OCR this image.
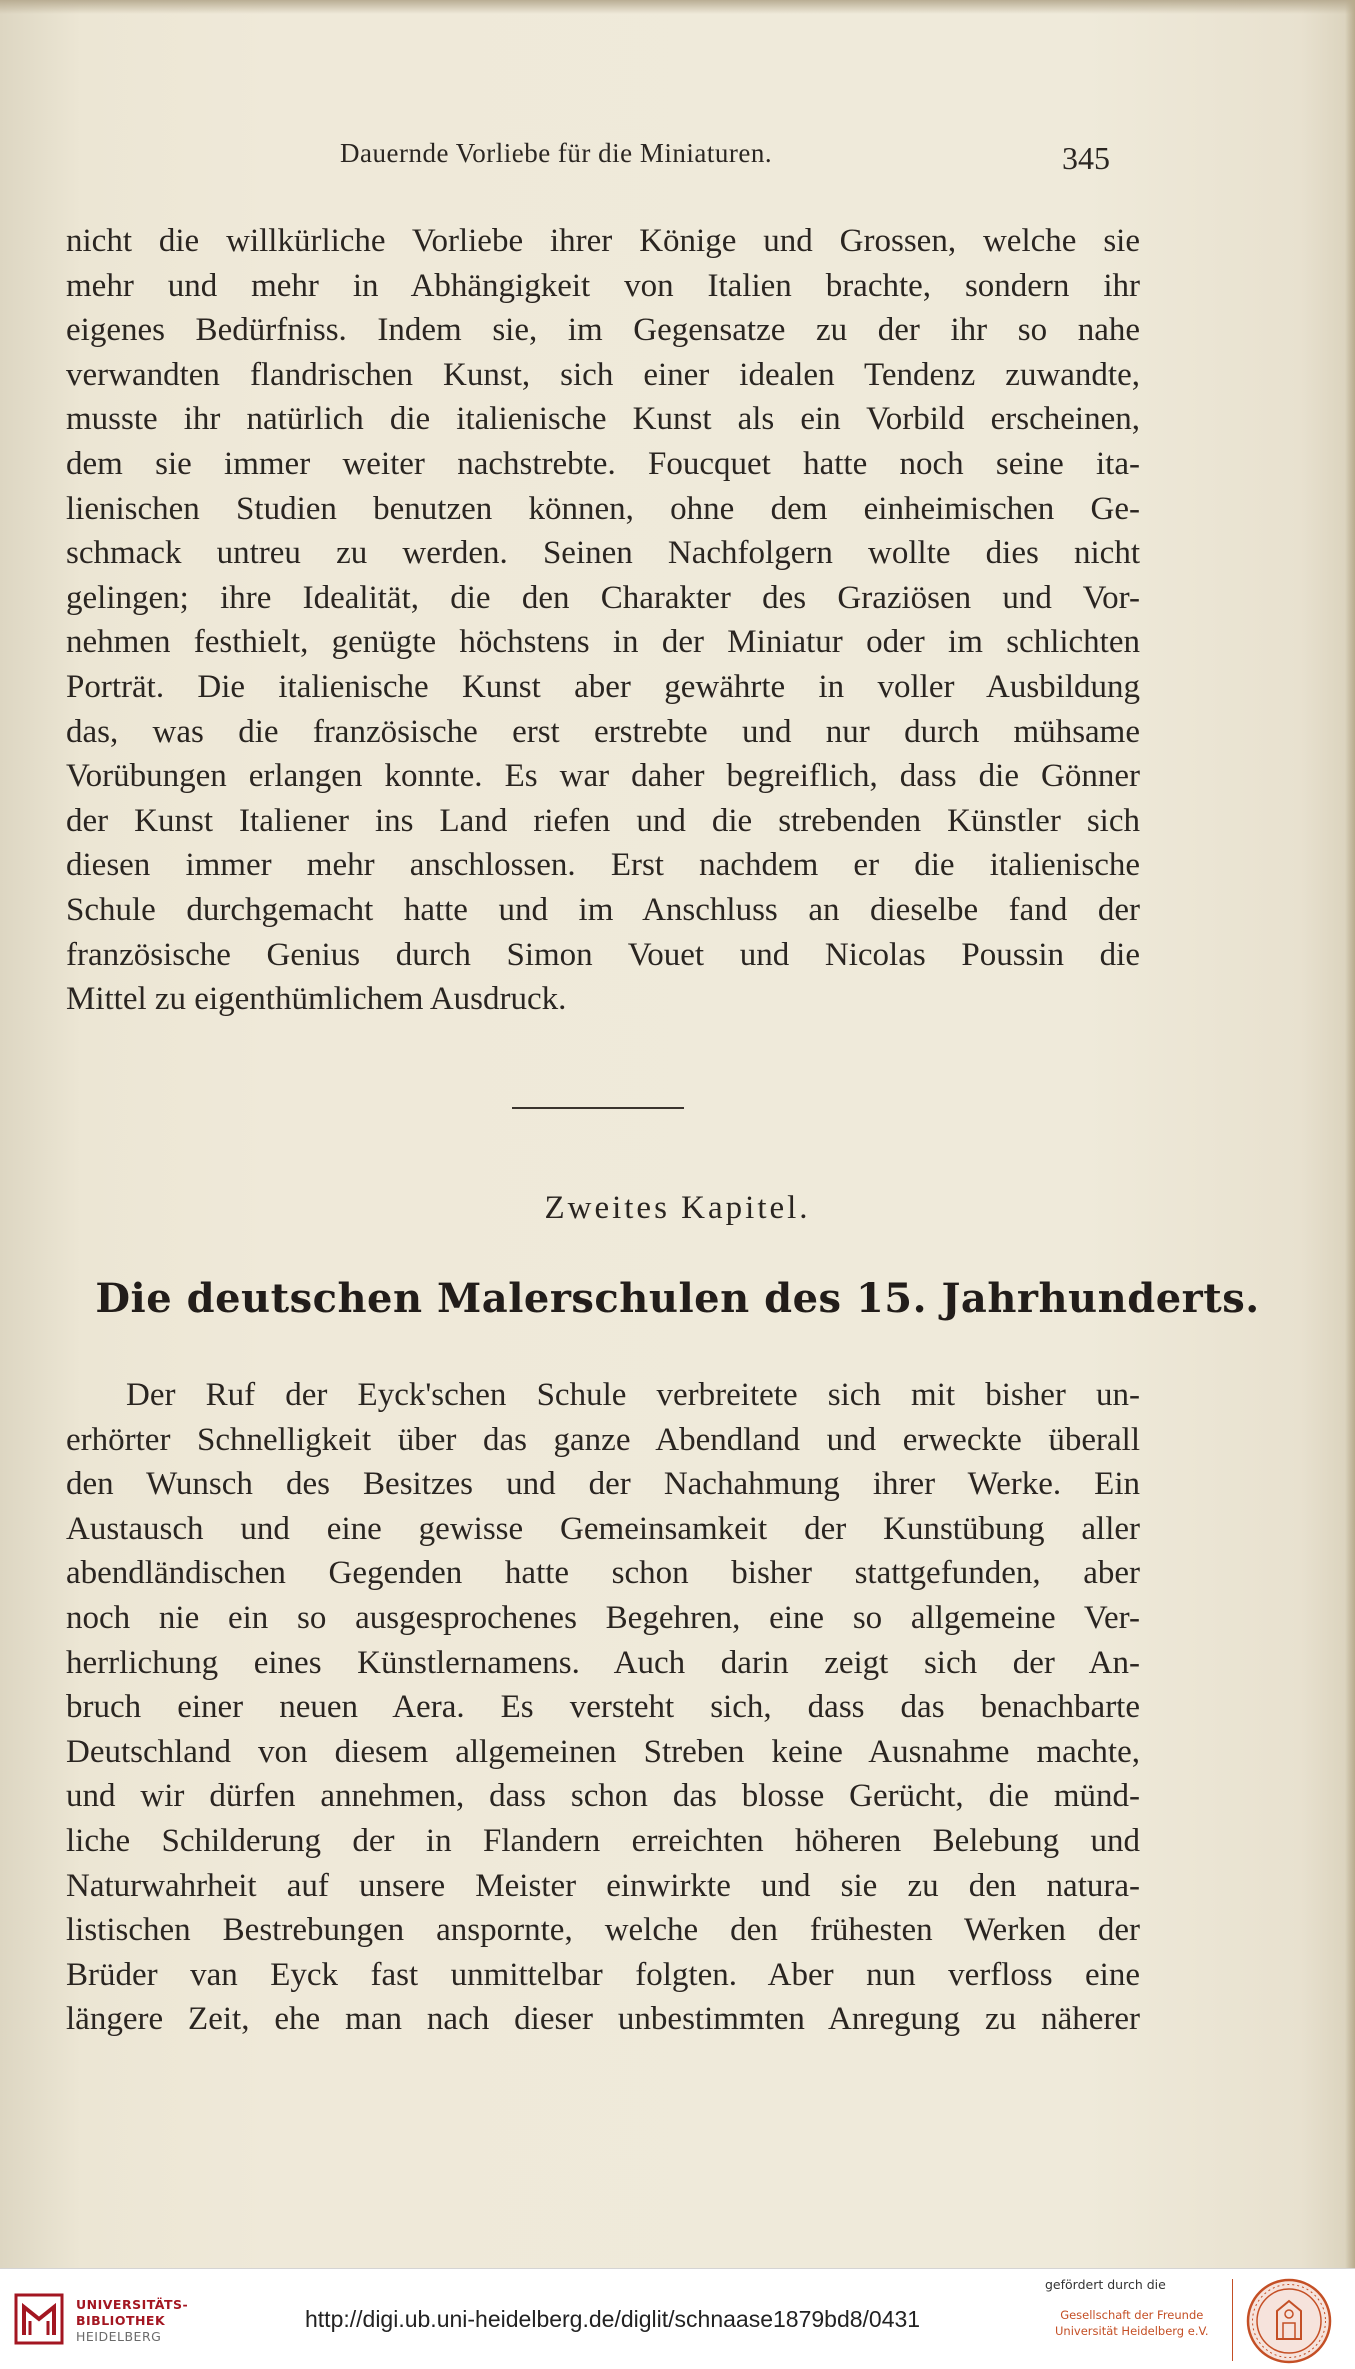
Dauernde Vorliebe für die Miniaturen.	345
nicht die willkürliche Vorliebe ihrer Könige und Grossen, welche sie
mehr und mehr in Abhängigkeit von Italien brachte, sondern ihr
eigenes Bedürfniss. Indem sie, im Gegensatze zu der ihr so nahe
verwandten flandrischen Kunst, sich einer idealen Tendenz zuwandte,
musste ihr natürlich die italienische Kunst als ein Vorbild erscheinen,
dem sie immer weiter nachstrebte. Foucquet hatte noch seine ita-
lienischen Studien benutzen können, ohne dem einheimischen Ge-
schmack untreu zu werden. Seinen Nachfolgern wollte dies nicht
gelingen; ihre Idealität, die den Charakter des Graziösen und Vor-
nehmen festhielt, genügte höchstens in der Miniatur oder im schlichten
Porträt. Die italienische Kunst aber gewährte in voller Ausbildung
das, was die französische erst erstrebte und nur durch mühsame
Vorübungen erlangen konnte. Es war daher begreiflich, dass die Gönner
der Kunst Italiener ins Land riefen und die strebenden Künstler sich
diesen immer mehr anschlossen. Erst nachdem er die italienische
Schule durchgemacht hatte und im Anschluss an dieselbe fand der
französische Genius durch Simon Vouet und Nicolas Poussin die
Mittel zu eigenthümlichem Ausdruck.
Zweites Kapitel.
Die deutschen Malerschulen des 15. Jahrhunderts.
Der Ruf der Eyck'schen Schule verbreitete sich mit bisher un-
erhörter Schnelligkeit über das ganze Abendland und erweckte überall
den Wunsch des Besitzes und der Nachahmung ihrer Werke. Ein
Austausch und eine gewisse Gemeinsamkeit der Kunstübung aller
abendländischen Gegenden hatte schon bisher stattgefunden, aber
noch nie ein so ausgesprochenes Begehren, eine so allgemeine Ver-
herrlichung eines Künstlernamens. Auch darin zeigt sich der An-
bruch einer neuen Aera. Es versteht sich, dass das benachbarte
Deutschland von diesem allgemeinen Streben keine Ausnahme machte,
und wir dürfen annehmen, dass schon das blosse Gerücht, die münd-
liche Schilderung der in Flandern erreichten höheren Belebung und
Naturwahrheit auf unsere Meister einwirkte und sie zu den natura-
listischen Bestrebungen anspornte, welche den frühesten Werken der
Brüder van Eyck fast unmittelbar folgten. Aber nun verfloss eine
längere Zeit, ehe man nach dieser unbestimmten Anregung zu näherer
UNIVERSITÄTS-
BIBLIOTHEK
HEIDELBERG
http://digi.ub.uni-heidelberg.de/diglit/schnaase1879bd8/0431
gefördert durch die
Gesellschaft der Freunde
Universität Heidelberg e.V.
